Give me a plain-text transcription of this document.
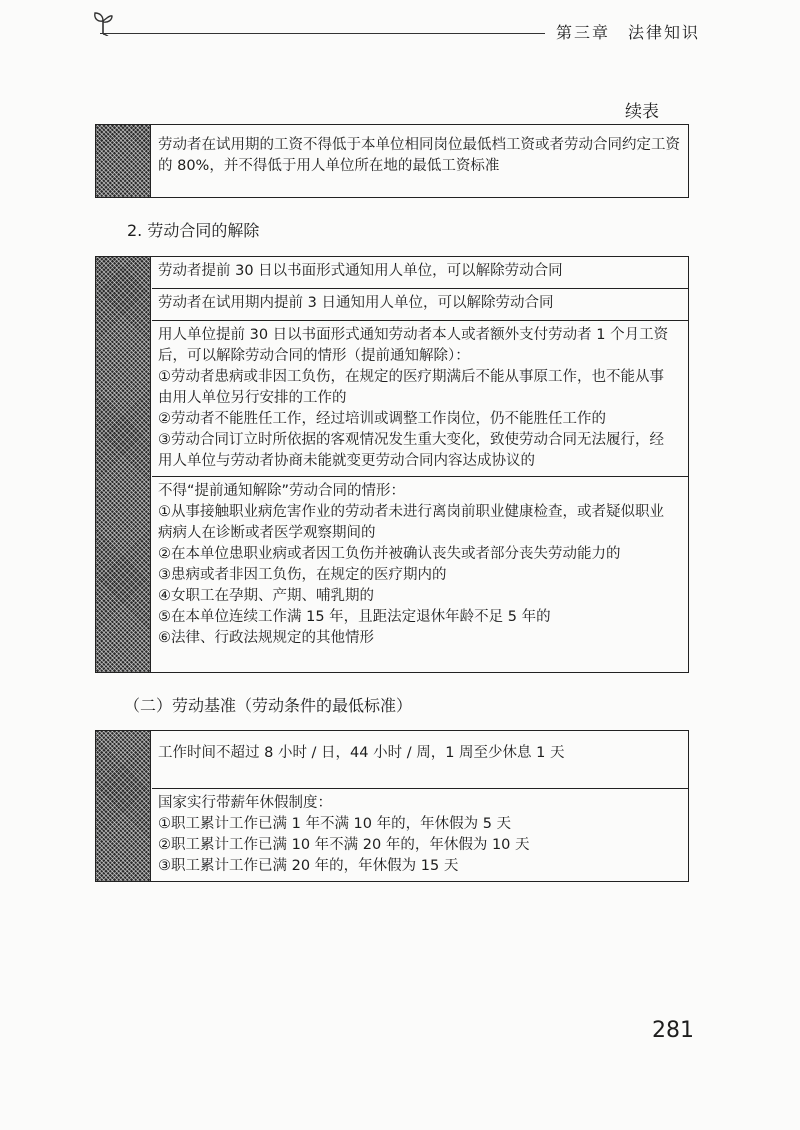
第三章　法律知识
续表
劳动者在试用期的工资不得低于本单位相同岗位最低档工资或者劳动合同约定工资
的 80%，并不得低于用人单位所在地的最低工资标准
2. 劳动合同的解除
劳动者提前 30 日以书面形式通知用人单位，可以解除劳动合同
劳动者在试用期内提前 3 日通知用人单位，可以解除劳动合同
用人单位提前 30 日以书面形式通知劳动者本人或者额外支付劳动者 1 个月工资
后，可以解除劳动合同的情形（提前通知解除）：
①劳动者患病或非因工负伤，在规定的医疗期满后不能从事原工作，也不能从事
由用人单位另行安排的工作的
②劳动者不能胜任工作，经过培训或调整工作岗位，仍不能胜任工作的
③劳动合同订立时所依据的客观情况发生重大变化，致使劳动合同无法履行，经
用人单位与劳动者协商未能就变更劳动合同内容达成协议的
不得“提前通知解除”劳动合同的情形：
①从事接触职业病危害作业的劳动者未进行离岗前职业健康检查，或者疑似职业
病病人在诊断或者医学观察期间的
②在本单位患职业病或者因工负伤并被确认丧失或者部分丧失劳动能力的
③患病或者非因工负伤，在规定的医疗期内的
④女职工在孕期、产期、哺乳期的
⑤在本单位连续工作满 15 年，且距法定退休年龄不足 5 年的
⑥法律、行政法规规定的其他情形
（二）劳动基准（劳动条件的最低标准）
工作时间不超过 8 小时 / 日，44 小时 / 周，1 周至少休息 1 天
国家实行带薪年休假制度：
①职工累计工作已满 1 年不满 10 年的，年休假为 5 天
②职工累计工作已满 10 年不满 20 年的，年休假为 10 天
③职工累计工作已满 20 年的，年休假为 15 天
281
